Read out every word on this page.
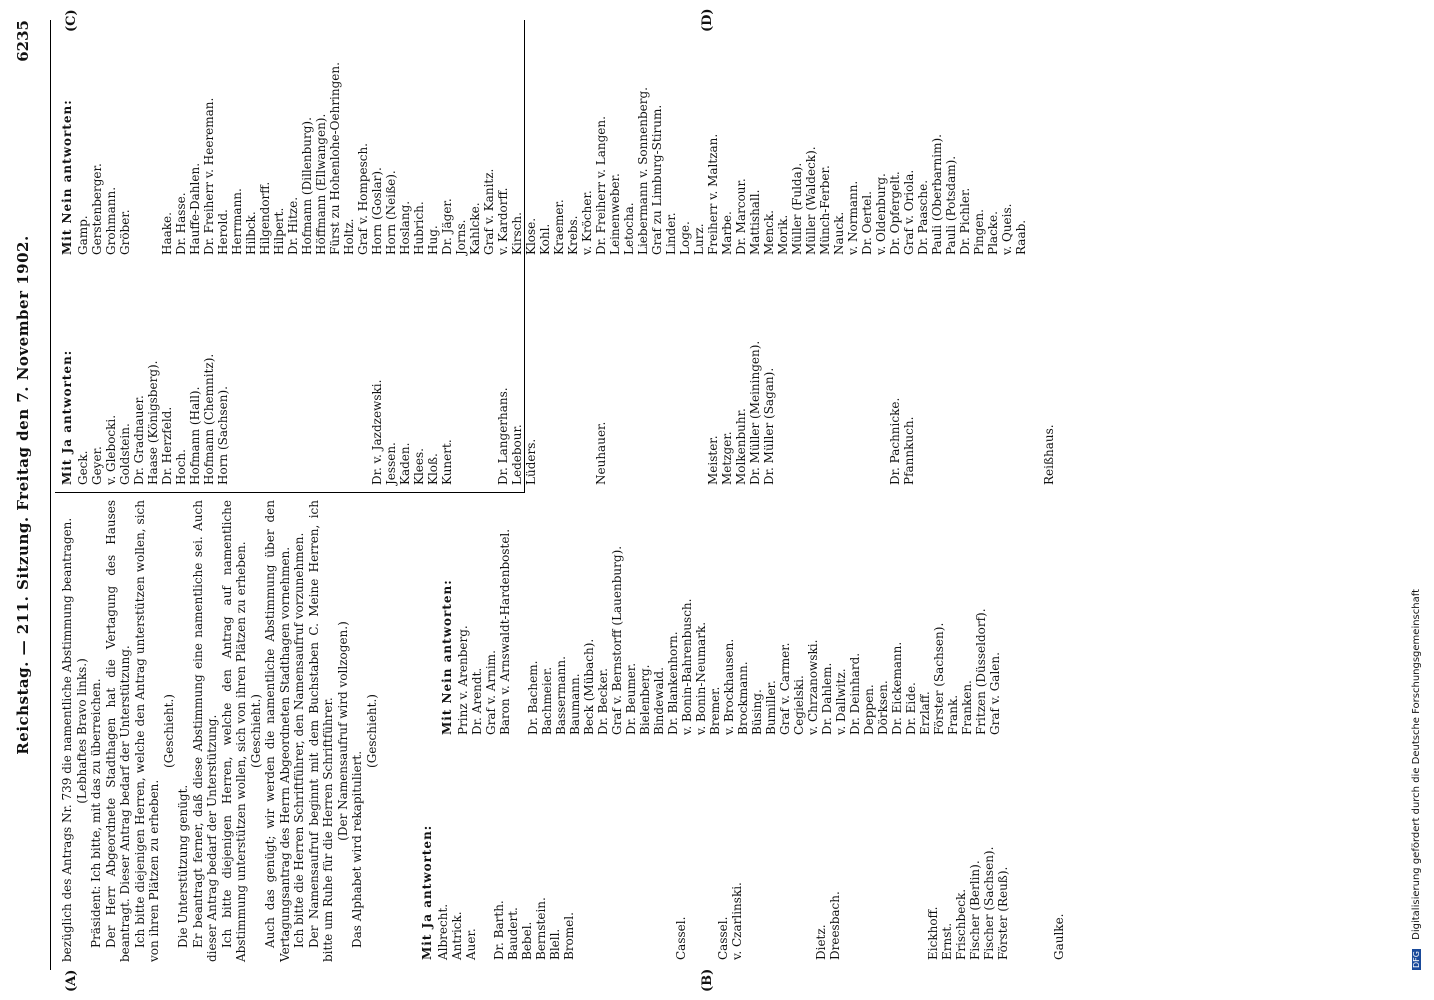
Reichstag. — 211. Sitzung. Freitag den 7. November 1902.
6235
(A)	(B)
(C)	(D)

bezüglich des Antrags Nr. 739 die namentliche Abstimmung beantragen. (Lebhaftes Bravo links.) Präsident: Ich bitte, mit das zu überreichen. Der Herr Abgeordnete Stadthagen hat die Vertagung des Hauses beantragt. Dieser Antrag bedarf der Unterstützung. Ich bitte diejenigen Herren, welche den Antrag unterstützen wollen, sich von ihren Plätzen zu erheben.

(Geschieht.)

Die Unterstützung genügt. Er beantragt ferner, daß diese Abstimmung eine namentliche sei. Auch dieser Antrag bedarf der Unterstützung. Ich bitte diejenigen Herren, welche den Antrag auf namentliche Abstimmung unterstützen wollen, sich von ihren Plätzen zu erheben. (Geschieht.) Auch das genügt; wir werden die namentliche Abstimmung über den Vertagungsantrag des Herrn Abgeordneten Stadthagen vornehmen. Ich bitte die Herren Schriftführer, den Namensaufruf vorzunehmen. Der Namensaufruf beginnt mit dem Buchstaben C. Meine Herren, ich bitte um Ruhe für die Herren Schriftführer. (Der Namensaufruf wird vollzogen.)

Das Alphabet wird rekapituliert.

(Geschieht.)

Mit Ja antworten: Albrecht. Antrick. Auer.
Dr. Barth. Baudert. Bebel. Bernstein. Blell. Bromel.

	Cassel.

Cassel. v. Czarlinski.

	Dietz. Dreesbach.

	Eickhoff. Ernst. Frischbeck. Fischer (Berlin). Fischer (Sachsen). Förster (Reuß).

	Gaulke.
Mit Nein antworten: Prinz v. Arenberg. Dr. Arendt. Graf v. Arnim. Baron v. Arnswaldt-Hardenbostel.
Dr. Bachem. Bachmeier. Bassermann. Baumann. Beck (Mübach). Dr. Becker. Graf v. Bernstorff (Lauenburg). Dr. Beumer. Bielenberg. Bindewald. Dr. Blankenhorn. v. Bonin-Bahrenbusch. v. Bonin-Neumark. Bremer. v. Brockhausen. Brockmann. Büsing. Bumiller. Graf v. Carmer. Cegielski. v. Chrzanowski. Dr. Dahlem. v. Dallwitz. Dr. Deinhard. Deppen. Dörksen. Dr. Eickemann. Dr. Eide. Erzlaff. Förster (Sachsen). Frank. Franken. Fritzen (Düsseldorf). Graf v. Galen.
Mit Ja antworten: Geck. Geyer. v. Glebocki. Goldstein. Dr. Gradnauer. Haase (Königsberg). Dr. Herzfeld. Hoch. Hofmann (Hall). Hofmann (Chemnitz). Horn (Sachsen).

	Dr. v. Jazdzewski. Jessen. Kaden. Klees. Kloß. Kunert.

	Dr. Langerhans. Ledebour. Lüders.

	Neuhauer.

	Meister. Metzger. Molkenbuhr. Dr. Müller (Meiningen). Dr. Müller (Sagan).

	Dr. Pachnicke. Pfannkuch.

	Reißhaus.
Mit Nein antworten: Gamp. Gerstenberger. Grohmann. Gröber.

Haake. Dr. Hasse. Hauffe-Dahlen. Dr. Freiherr v. Heereman. Herold. Herrmann. Hilbck. Hilgendorff. Hilpert. Dr. Hitze. Hofmann (Dillenburg). Höffmann (Ellwangen). Fürst zu Hohenlohe-Oehringen. Holtz. Graf v. Hompesch. Horn (Goslar). Horn (Neiße). Hoslang. Hubrich. Hug. Dr. Jäger. Jorns. Kahlcke. Graf v. Kanitz. v. Kardorff. Kirsch. Klose. Kohl. Kraemer. Krebs. v. Kröcher. Dr. Freiherr v. Langen. Leinenweber. Letocha. Liebermann v. Sonnenberg. Graf zu Limburg-Stirum. Linder. Loge. Lurz. Freiherr v. Maltzan. Marbe. Dr. Marcour. Mattishall. Menck. Morik. Müller (Fulda). Müller (Waldeck). Münch-Ferber. Nauck. v. Normann. Dr. Oertel. v. Oldenburg. Dr. Opfergelt. Graf v. Oriola. Dr. Paasche. Pauli (Oberbarnim). Pauli (Potsdam). Dr. Pichler. Pingen. Placke. v. Queis. Raab.
DFG Digitalisierung gefördert durch die Deutsche Forschungsgemeinschaft
